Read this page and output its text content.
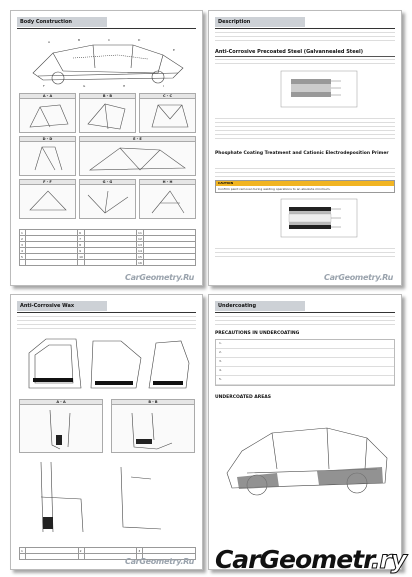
Body Construction
A	B	C	D
E
F	G	H	I
A - A	B - B	C - C
D - D	E - E
F - F	G - G	H - H
1		6		11	
2		7		12	
3		8		13	
4		9		14	
5		10		15	
				16	
CarGeometry.Ru
Description
Anti-Corrosive Precoated Steel (Galvannealed Steel)
Phosphate Coating Treatment and Cationic Electrodeposition Primer
CAUTION
Confirm paint removal during welding operations to an absolute minimum.
CarGeometry.Ru
Anti-Corrosive Wax
A - A	B - B
1		2		3	

CarGeometry.Ru
Undercoating
PRECAUTIONS IN UNDERCOATING
1.
2.
3.
4.
5.
UNDERCOATED AREAS
CarGeometr.ry
